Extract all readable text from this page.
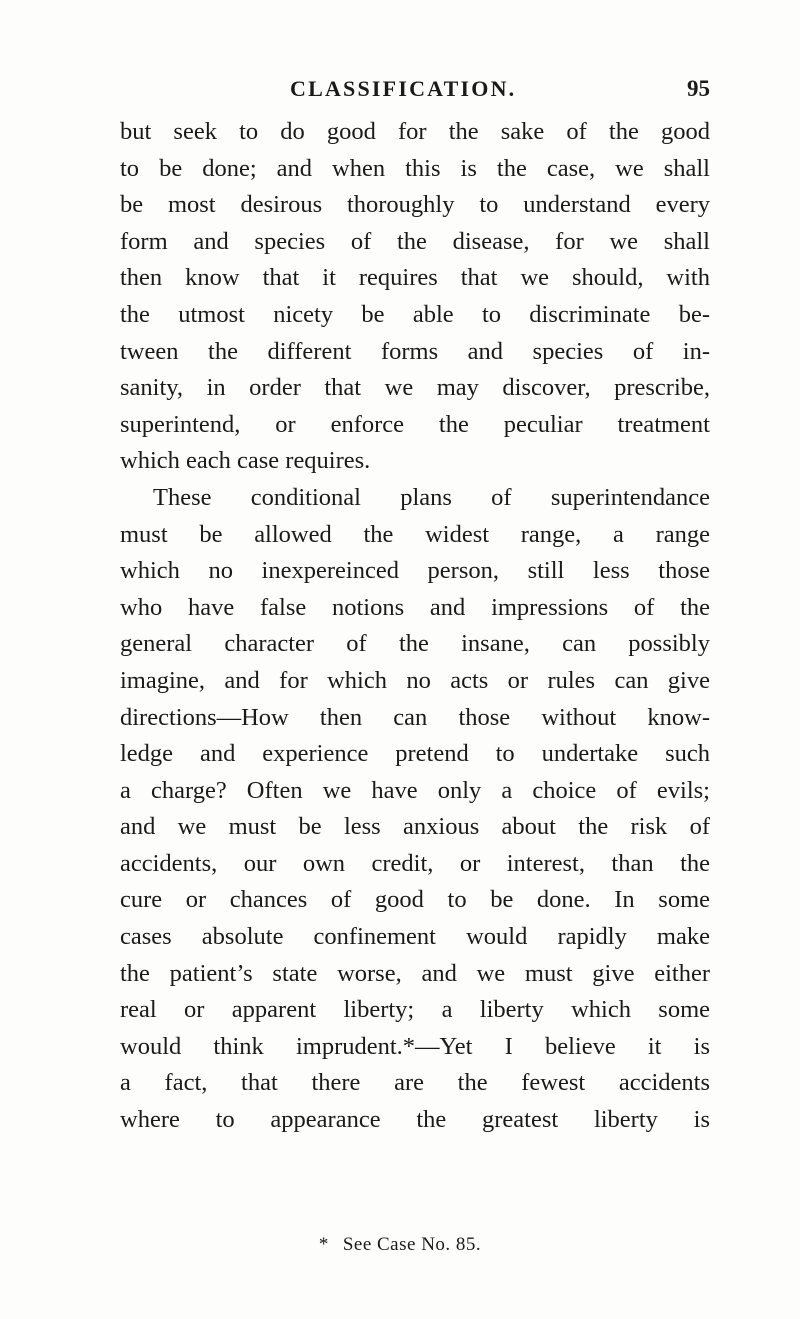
CLASSIFICATION.	95
but seek to do good for the sake of the good
to be done; and when this is the case, we shall
be most desirous thoroughly to understand every
form and species of the disease, for we shall
then know that it requires that we should, with
the utmost nicety be able to discriminate be-
tween the different forms and species of in-
sanity, in order that we may discover, prescribe,
superintend, or enforce the peculiar treatment
which each case requires.
These conditional plans of superintendance
must be allowed the widest range, a range
which no inexpereinced person, still less those
who have false notions and impressions of the
general character of the insane, can possibly
imagine, and for which no acts or rules can give
directions—How then can those without know-
ledge and experience pretend to undertake such
a charge? Often we have only a choice of evils;
and we must be less anxious about the risk of
accidents, our own credit, or interest, than the
cure or chances of good to be done. In some
cases absolute confinement would rapidly make
the patient’s state worse, and we must give either
real or apparent liberty; a liberty which some
would think imprudent.*—Yet I believe it is
a fact, that there are the fewest accidents
where to appearance the greatest liberty is
* See Case No. 85.
